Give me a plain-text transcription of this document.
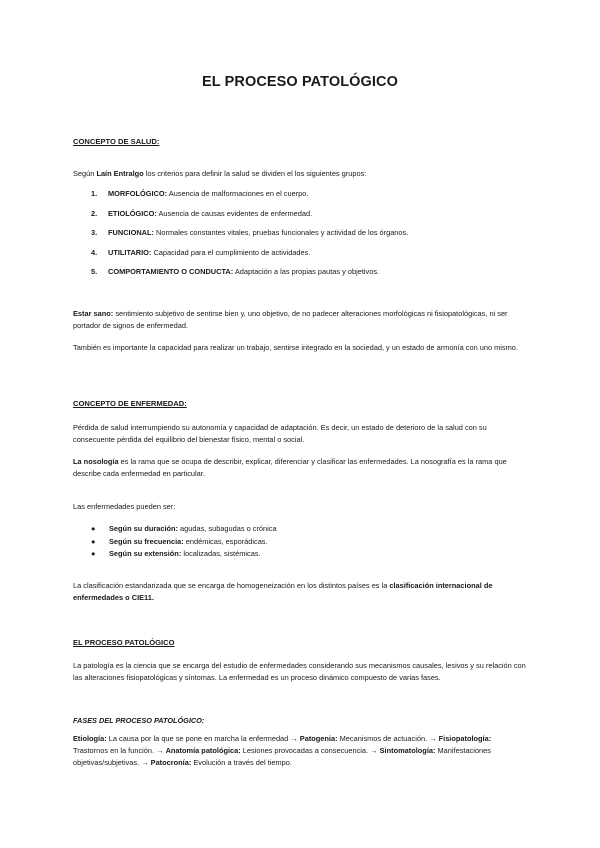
EL PROCESO PATOLÓGICO
CONCEPTO DE SALUD:
Según Laín Entralgo los criterios para definir la salud se dividen el los siguientes grupos:
1.	MORFOLÓGICO: Ausencia de malformaciones en el cuerpo.
2.	ETIOLÓGICO: Ausencia de causas evidentes de enfermedad.
3.	FUNCIONAL: Normales constantes vitales, pruebas funcionales y actividad de los órganos.
4.	UTILITARIO: Capacidad para el cumplimiento de actividades.
5.	COMPORTAMIENTO O CONDUCTA: Adaptación a las propias pautas y objetivos.
Estar sano: sentimiento subjetivo de sentirse bien y, uno objetivo, de no padecer alteraciones morfológicas ni fisiopatológicas, ni ser portador de signos de enfermedad.
También es importante la capacidad para realizar un trabajo, sentirse integrado en la sociedad, y un estado de armonía con uno mismo.
CONCEPTO DE ENFERMEDAD:
Pérdida de salud interrumpiendo su autonomía y capacidad de adaptación. Es decir, un estado de deterioro de la salud con su consecuente pérdida del equilibrio del bienestar físico, mental o social.
La nosología es la rama que se ocupa de describir, explicar, diferenciar y clasificar las enfermedades. La nosografía es la rama que describe cada enfermedad en particular.
Las enfermedades pueden ser:
●	Según su duración: agudas, subagudas o crónica
●	Según su frecuencia: endémicas, esporádicas.
●	Según su extensión: localizadas, sistémicas.
La clasificación estandarizada que se encarga de homogeneización en los distintos países es la clasificación internacional de enfermedades o CIE11.
EL PROCESO PATOLÓGICO
La patología es la ciencia que se encarga del estudio de enfermedades considerando sus mecanismos causales, lesivos y su relación con las alteraciones fisiopatológicas y síntomas. La enfermedad es un proceso dinámico compuesto de varias fases.
FASES DEL PROCESO PATOLÓGICO:
Etiología: La causa por la que se pone en marcha la enfermedad → Patogenia: Mecanismos de actuación. → Fisiopatología: Trastornos en la función. → Anatomía patológica: Lesiones provocadas a consecuencia. → Sintomatología: Manifestaciones objetivas/subjetivas. → Patocronía: Evolución a través del tiempo.
